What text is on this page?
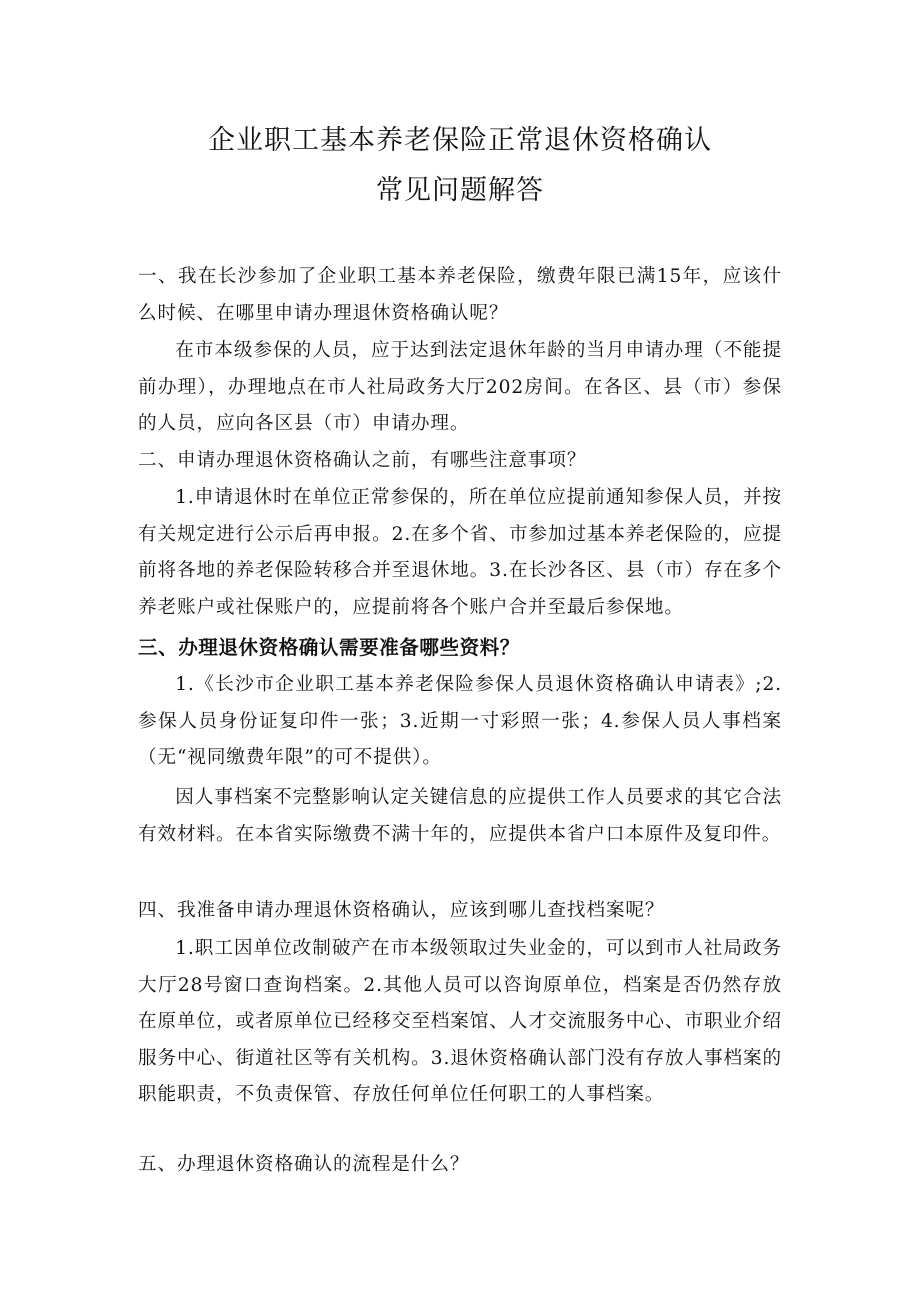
企业职工基本养老保险正常退休资格确认
常见问题解答

一、我在长沙参加了企业职工基本养老保险，缴费年限已满15年，应该什么时候、在哪里申请办理退休资格确认呢？

在市本级参保的人员，应于达到法定退休年龄的当月申请办理（不能提前办理），办理地点在市人社局政务大厅202房间。在各区、县（市）参保的人员，应向各区县（市）申请办理。

二、申请办理退休资格确认之前，有哪些注意事项？

1.申请退休时在单位正常参保的，所在单位应提前通知参保人员，并按有关规定进行公示后再申报。2.在多个省、市参加过基本养老保险的，应提前将各地的养老保险转移合并至退休地。3.在长沙各区、县（市）存在多个养老账户或社保账户的，应提前将各个账户合并至最后参保地。

三、办理退休资格确认需要准备哪些资料？

1.《长沙市企业职工基本养老保险参保人员退休资格确认申请表》;2.参保人员身份证复印件一张；3.近期一寸彩照一张；4.参保人员人事档案（无“视同缴费年限”的可不提供）。

因人事档案不完整影响认定关键信息的应提供工作人员要求的其它合法有效材料。在本省实际缴费不满十年的，应提供本省户口本原件及复印件。

四、我准备申请办理退休资格确认，应该到哪儿查找档案呢？

1.职工因单位改制破产在市本级领取过失业金的，可以到市人社局政务大厅28号窗口查询档案。2.其他人员可以咨询原单位，档案是否仍然存放在原单位，或者原单位已经移交至档案馆、人才交流服务中心、市职业介绍服务中心、街道社区等有关机构。3.退休资格确认部门没有存放人事档案的职能职责，不负责保管、存放任何单位任何职工的人事档案。

五、办理退休资格确认的流程是什么？
